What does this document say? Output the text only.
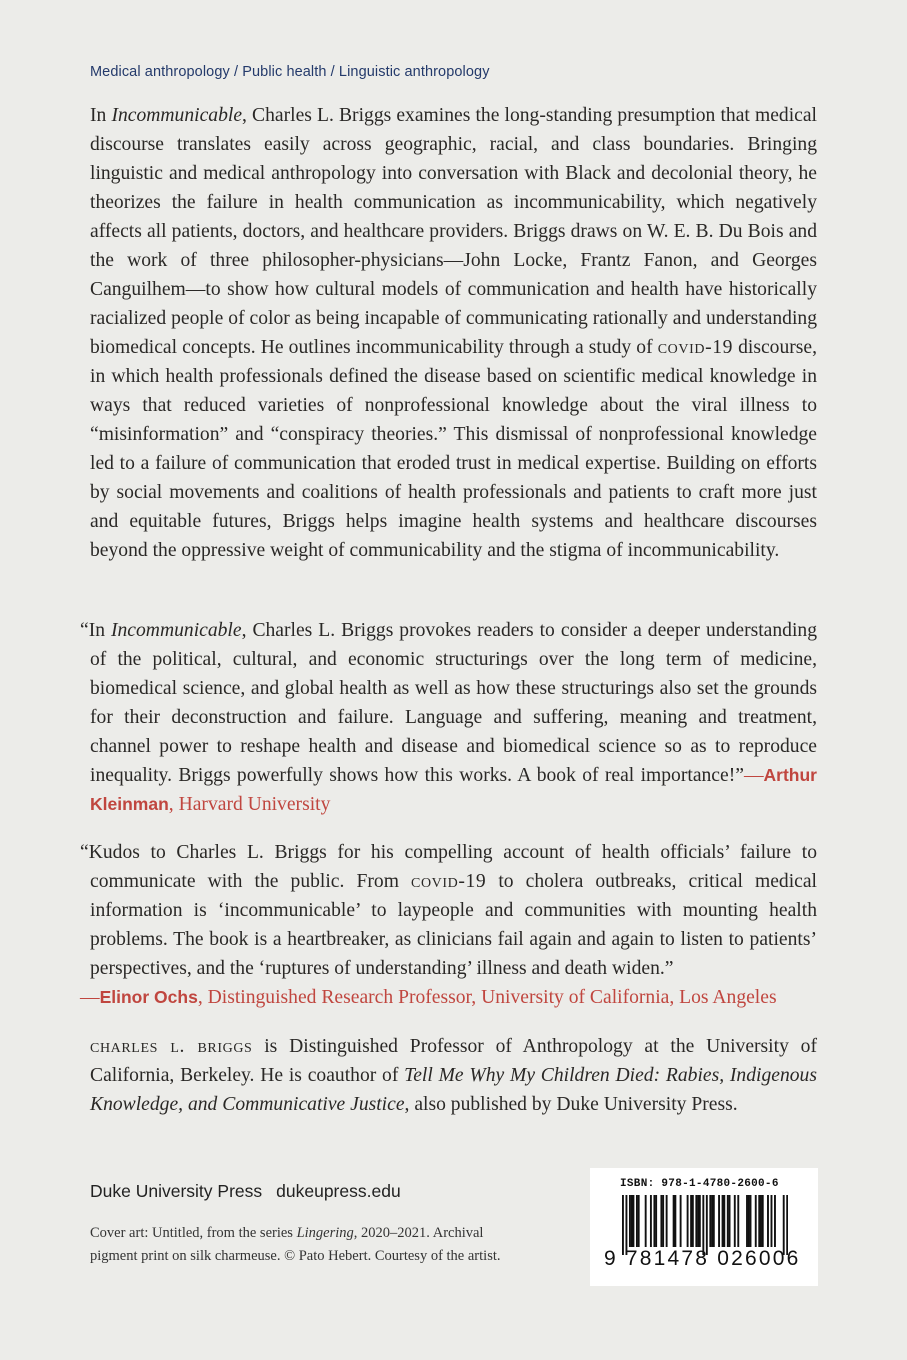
Medical anthropology / Public health / Linguistic anthropology
In Incommunicable, Charles L. Briggs examines the long-standing presumption that medical discourse translates easily across geographic, racial, and class boundaries. Bringing linguistic and medical anthropology into conversation with Black and decolonial theory, he theorizes the failure in health communication as incommunicability, which negatively affects all patients, doctors, and healthcare providers. Briggs draws on W. E. B. Du Bois and the work of three philosopher-physicians—John Locke, Frantz Fanon, and Georges Canguilhem—to show how cultural models of communication and health have historically racialized people of color as being incapable of communicating rationally and understanding biomedical concepts. He outlines incommunicability through a study of covid-19 discourse, in which health professionals defined the disease based on scientific medical knowledge in ways that reduced varieties of nonprofessional knowledge about the viral illness to “misinformation” and “conspiracy theories.” This dismissal of nonprofessional knowledge led to a failure of communication that eroded trust in medical expertise. Building on efforts by social movements and coalitions of health professionals and patients to craft more just and equitable futures, Briggs helps imagine health systems and healthcare discourses beyond the oppressive weight of communicability and the stigma of incommunicability.
“In Incommunicable, Charles L. Briggs provokes readers to consider a deeper understanding of the political, cultural, and economic structurings over the long term of medicine, biomedical science, and global health as well as how these structurings also set the grounds for their deconstruction and failure. Language and suffering, meaning and treatment, channel power to reshape health and disease and biomedical science so as to reproduce inequality. Briggs powerfully shows how this works. A book of real importance!”—Arthur Kleinman, Harvard University
“Kudos to Charles L. Briggs for his compelling account of health officials’ failure to communicate with the public. From covid-19 to cholera outbreaks, critical medical information is ‘incommunicable’ to laypeople and communities with mounting health problems. The book is a heartbreaker, as clinicians fail again and again to listen to patients’ perspectives, and the ‘ruptures of understanding’ illness and death widen.”
—Elinor Ochs, Distinguished Research Professor, University of California, Los Angeles
charles l. briggs is Distinguished Professor of Anthropology at the University of California, Berkeley. He is coauthor of Tell Me Why My Children Died: Rabies, Indigenous Knowledge, and Communicative Justice, also published by Duke University Press.
Duke University Press dukeupress.edu
Cover art: Untitled, from the series Lingering, 2020–2021. Archival pigment print on silk charmeuse. © Pato Hebert. Courtesy of the artist.
ISBN: 978-1-4780-2600-6
9 781478 026006
